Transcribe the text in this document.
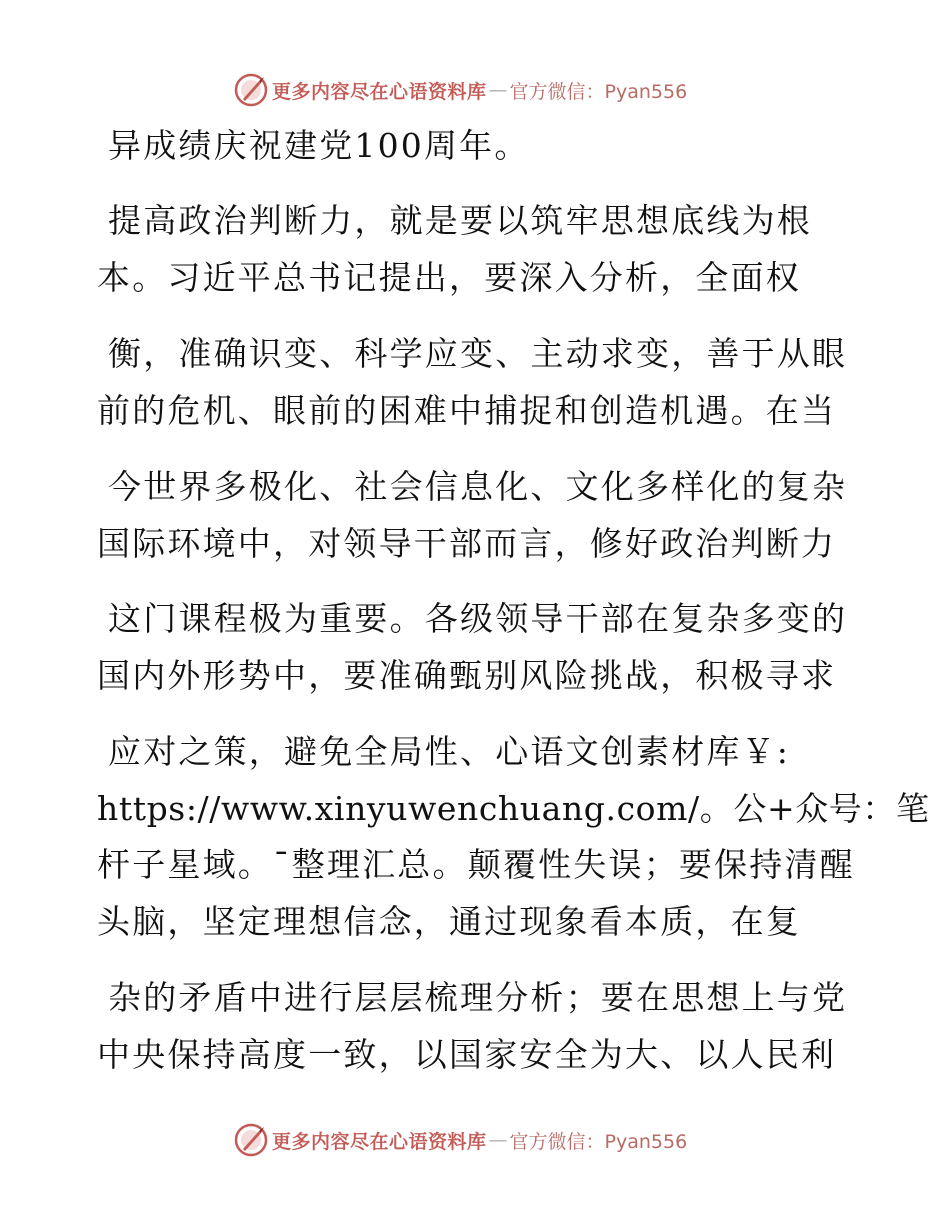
更多内容尽在心语资料库 — 官方微信：Pyan556

异成绩庆祝建党100周年。

提高政治判断力，就是要以筑牢思想底线为根

本。习近平总书记提出，要深入分析，全面权

衡，准确识变、科学应变、主动求变，善于从眼

前的危机、眼前的困难中捕捉和创造机遇。在当

今世界多极化、社会信息化、文化多样化的复杂

国际环境中，对领导干部而言，修好政治判断力

这门课程极为重要。各级领导干部在复杂多变的

国内外形势中，要准确甄别风险挑战，积极寻求

应对之策，避免全局性、心语文创素材库￥:

https://www.xinyuwenchuang.com/。公+众号：笔

杆子星域。¯整理汇总。颠覆性失误；要保持清醒

头脑，坚定理想信念，通过现象看本质，在复

杂的矛盾中进行层层梳理分析；要在思想上与党

中央保持高度一致，以国家安全为大、以人民利

更多内容尽在心语资料库 — 官方微信：Pyan556
